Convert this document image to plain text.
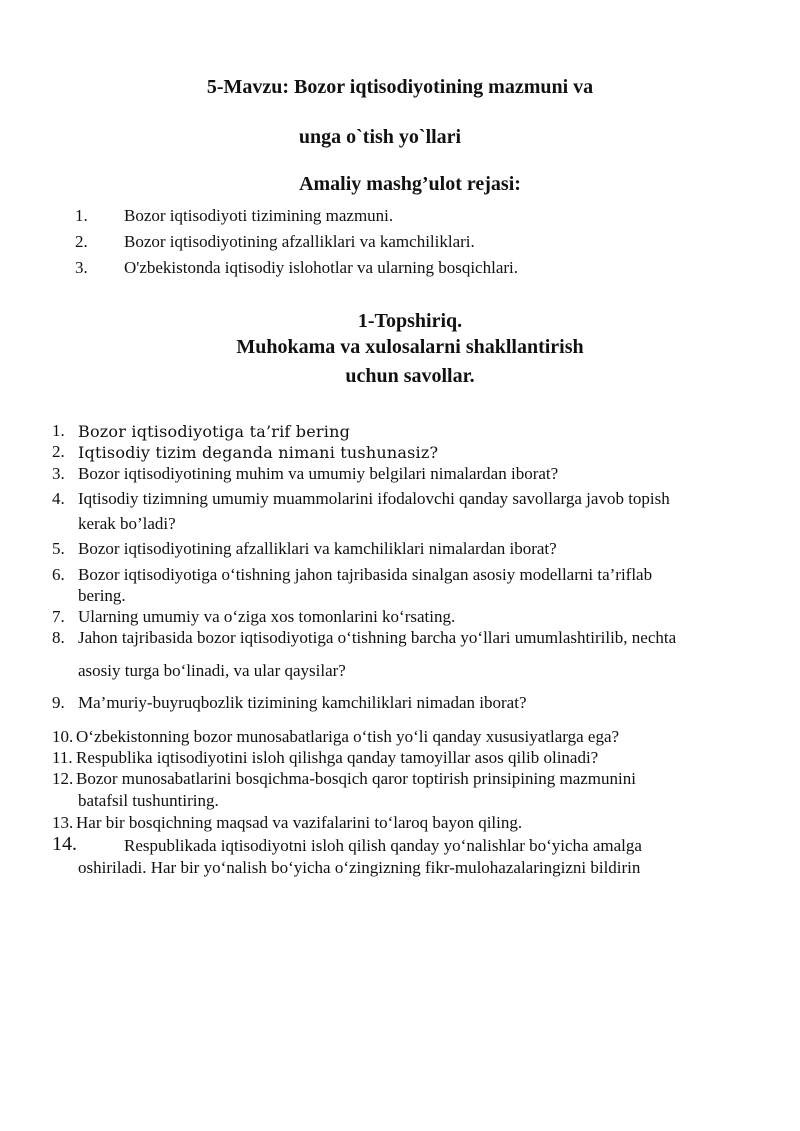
5-Mavzu: Bozor iqtisodiyotining mazmuni va

unga o`tish yo`llari

Amaliy mashg’ulot rejasi:

1. Bozor iqtisodiyoti tizimining mazmuni.
2. Bozor iqtisodiyotining afzalliklari va kamchiliklari.
3. O'zbekistonda iqtisodiy islohotlar va ularning bosqichlari.

1-Topshiriq.

Muhokama va xulosalarni shakllantirish

uchun savollar.

1. Bozor iqtisodiyotiga ta’rif bering
2. Iqtisodiy tizim deganda nimani tushunasiz?
3. Bozor iqtisodiyotining muhim va umumiy belgilari nimalardan iborat?
4. Iqtisodiy tizimning umumiy muammolarini ifodalovchi qanday savollarga javob topish
kerak bo’ladi?
5. Bozor iqtisodiyotining afzalliklari va kamchiliklari nimalardan iborat?
6. Bozor iqtisodiyotiga o‘tishning jahon tajribasida sinalgan asosiy modellarni ta’riflab
bering.
7. Ularning umumiy va o‘ziga xos tomonlarini ko‘rsating.
8. Jahon tajribasida bozor iqtisodiyotiga o‘tishning barcha yo‘llari umumlashtirilib, nechta
asosiy turga bo‘linadi, va ular qaysilar?
9. Ma’muriy-buyruqbozlik tizimining kamchiliklari nimadan iborat?
10. O‘zbekistonning bozor munosabatlariga o‘tish yo‘li qanday xususiyatlarga ega?
11. Respublika iqtisodiyotini isloh qilishga qanday tamoyillar asos qilib olinadi?
12. Bozor munosabatlarini bosqichma-bosqich qaror toptirish prinsipining mazmunini
batafsil tushuntiring.
13. Har bir bosqichning maqsad va vazifalarini to‘laroq bayon qiling.
14.	Respublikada iqtisodiyotni isloh qilish qanday yo‘nalishlar bo‘yicha amalga
oshiriladi. Har bir yo‘nalish bo‘yicha o‘zingizning fikr-mulohazalaringizni bildirin
